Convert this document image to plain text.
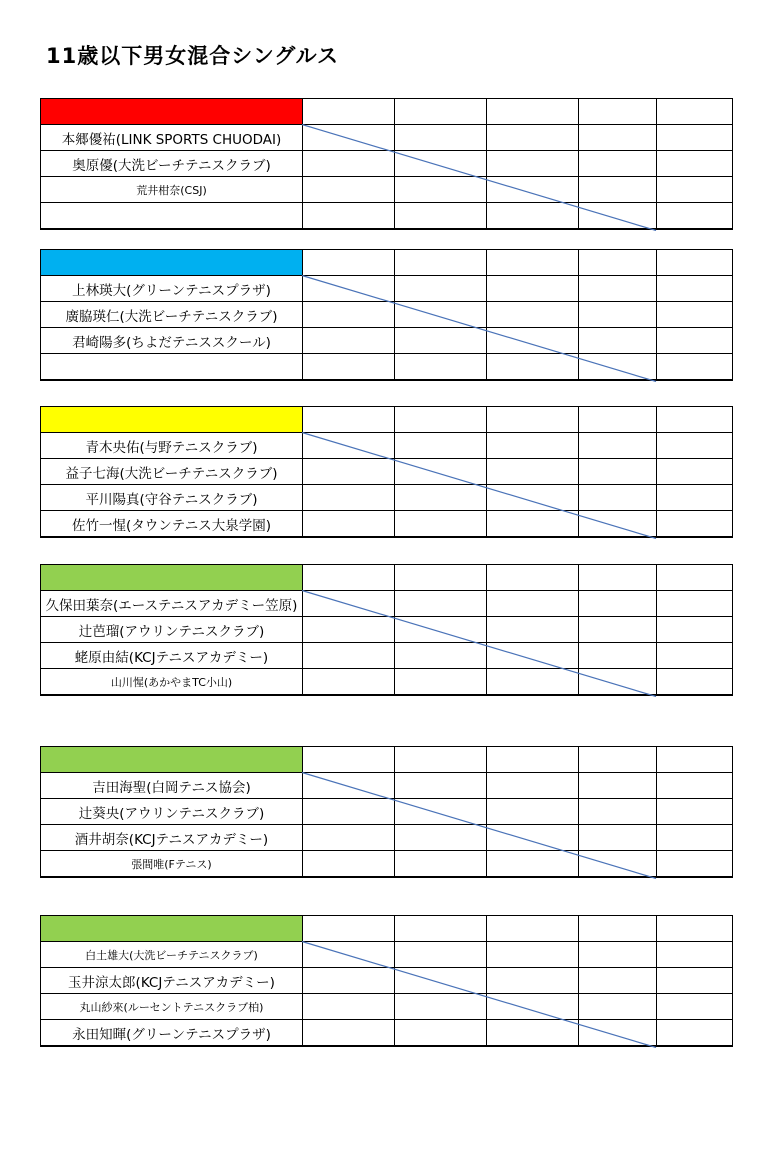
11歳以下男女混合シングルス

本郷優祐(LINK SPORTS CHUODAI)					
奥原優(大洗ビーチテニスクラブ)					
荒井柑奈(CSJ)					

上林瑛大(グリーンテニスプラザ)					
廣脇瑛仁(大洗ビーチテニスクラブ)					
君崎陽多(ちよだテニススクール)					

青木央佑(与野テニスクラブ)					
益子七海(大洗ビーチテニスクラブ)					
平川陽真(守谷テニスクラブ)					
佐竹一惺(タウンテニス大泉学園)					

久保田葉奈(エーステニスアカデミー笠原)					
辻芭瑠(アウリンテニスクラブ)					
蛯原由結(KCJテニスアカデミー)					
山川惺(あかやまTC小山)					

吉田海聖(白岡テニス協会)					
辻葵央(アウリンテニスクラブ)					
酒井胡奈(KCJテニスアカデミー)					
張間唯(Fテニス)					

白土雄大(大洗ビーチテニスクラブ)					
玉井涼太郎(KCJテニスアカデミー)					
丸山紗來(ルーセントテニスクラブ柏)					
永田知暉(グリーンテニスプラザ)					
